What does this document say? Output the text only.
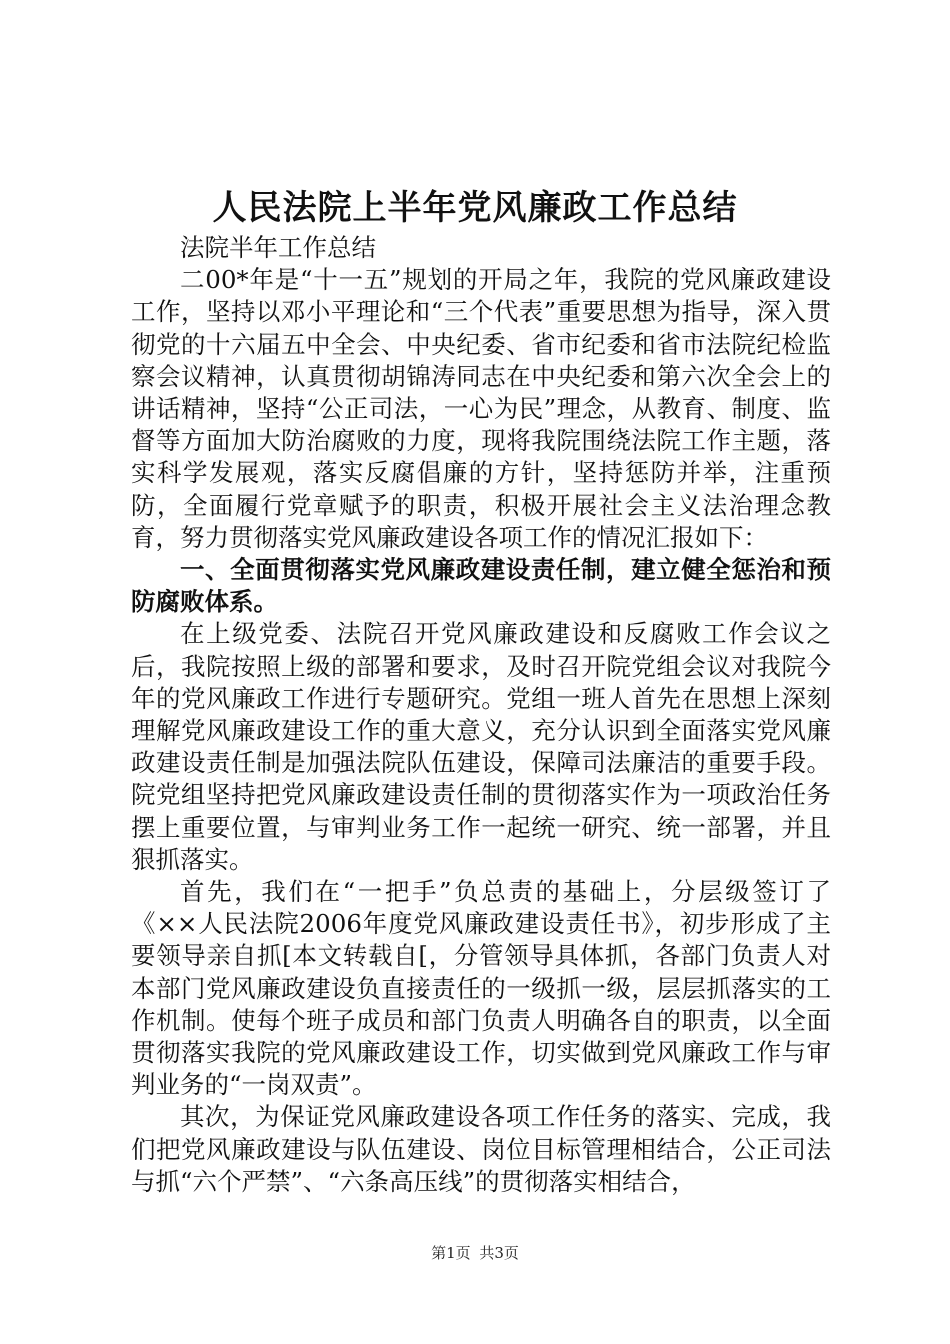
人民法院上半年党风廉政工作总结

法院半年工作总结

二00*年是“十一五”规划的开局之年，我院的党风廉政建设工作，坚持以邓小平理论和“三个代表”重要思想为指导，深入贯彻党的十六届五中全会、中央纪委、省市纪委和省市法院纪检监察会议精神，认真贯彻胡锦涛同志在中央纪委和第六次全会上的讲话精神，坚持“公正司法，一心为民”理念，从教育、制度、监督等方面加大防治腐败的力度，现将我院围绕法院工作主题，落实科学发展观，落实反腐倡廉的方针，坚持惩防并举，注重预防，全面履行党章赋予的职责，积极开展社会主义法治理念教育，努力贯彻落实党风廉政建设各项工作的情况汇报如下：

一、全面贯彻落实党风廉政建设责任制，建立健全惩治和预防腐败体系。

在上级党委、法院召开党风廉政建设和反腐败工作会议之后，我院按照上级的部署和要求，及时召开院党组会议对我院今年的党风廉政工作进行专题研究。党组一班人首先在思想上深刻理解党风廉政建设工作的重大意义，充分认识到全面落实党风廉政建设责任制是加强法院队伍建设，保障司法廉洁的重要手段。院党组坚持把党风廉政建设责任制的贯彻落实作为一项政治任务摆上重要位置，与审判业务工作一起统一研究、统一部署，并且狠抓落实。

首先，我们在“一把手”负总责的基础上，分层级签订了《××人民法院2006年度党风廉政建设责任书》，初步形成了主要领导亲自抓[本文转载自[，分管领导具体抓，各部门负责人对本部门党风廉政建设负直接责任的一级抓一级，层层抓落实的工作机制。使每个班子成员和部门负责人明确各自的职责，以全面贯彻落实我院的党风廉政建设工作，切实做到党风廉政工作与审判业务的“一岗双责”。

其次，为保证党风廉政建设各项工作任务的落实、完成，我们把党风廉政建设与队伍建设、岗位目标管理相结合，公正司法与抓“六个严禁”、“六条高压线”的贯彻落实相结合，

第1页 共3页
